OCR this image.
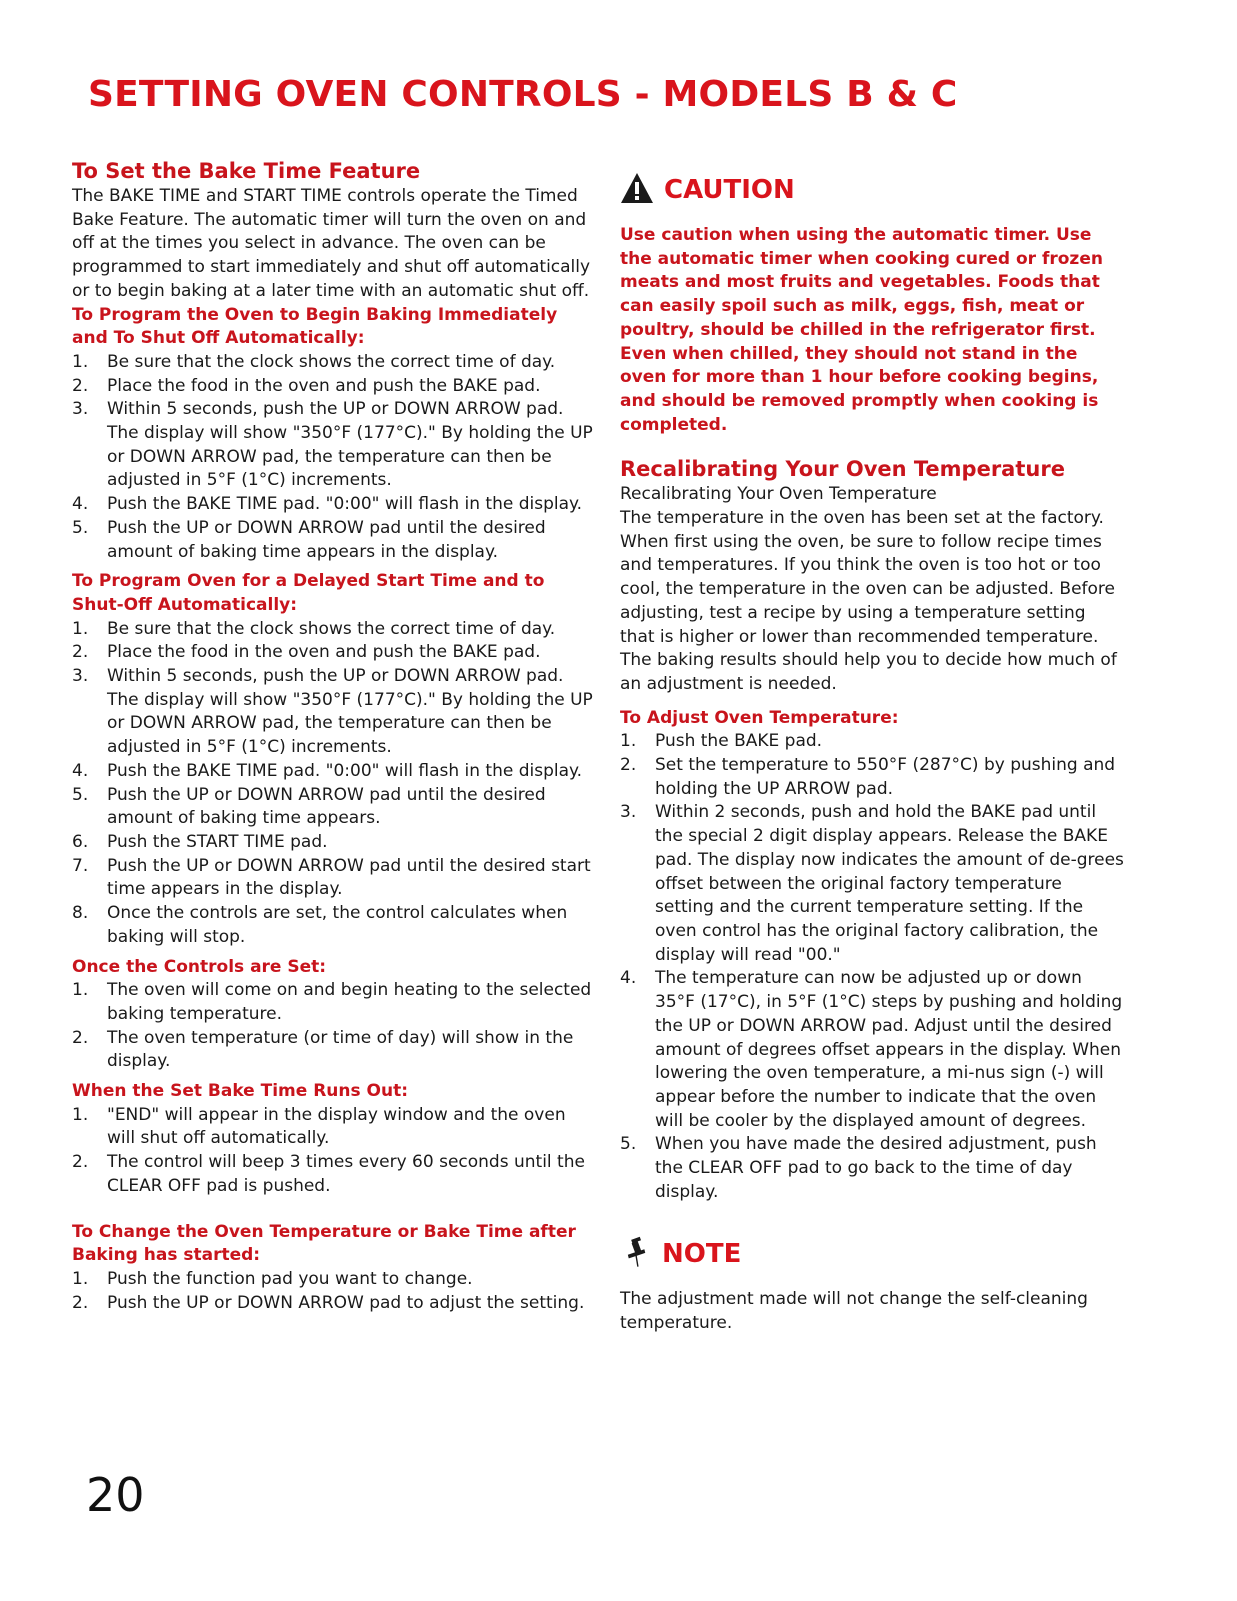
SETTING OVEN CONTROLS - MODELS B & C
To Set the Bake Time Feature

The BAKE TIME and START TIME controls operate the Timed Bake Feature. The automatic timer will turn the oven on and off at the times you select in advance. The oven can be programmed to start immediately and shut off automatically or to begin baking at a later time with an automatic shut off.

To Program the Oven to Begin Baking Immediately and To Shut Off Automatically:

1. Be sure that the clock shows the correct time of day.
2. Place the food in the oven and push the BAKE pad.
3. Within 5 seconds, push the UP or DOWN ARROW pad. The display will show "350°F (177°C)." By holding the UP or DOWN ARROW pad, the temperature can then be adjusted in 5°F (1°C) increments.
4. Push the BAKE TIME pad. "0:00" will flash in the display.
5. Push the UP or DOWN ARROW pad until the desired amount of baking time appears in the display.

To Program Oven for a Delayed Start Time and to Shut-Off Automatically:

1. Be sure that the clock shows the correct time of day.
2. Place the food in the oven and push the BAKE pad.
3. Within 5 seconds, push the UP or DOWN ARROW pad. The display will show "350°F (177°C)." By holding the UP or DOWN ARROW pad, the temperature can then be adjusted in 5°F (1°C) increments.
4. Push the BAKE TIME pad. "0:00" will flash in the display.
5. Push the UP or DOWN ARROW pad until the desired amount of baking time appears.
6. Push the START TIME pad.
7. Push the UP or DOWN ARROW pad until the desired start time appears in the display.
8. Once the controls are set, the control calculates when baking will stop.

Once the Controls are Set:

1. The oven will come on and begin heating to the selected baking temperature.
2. The oven temperature (or time of day) will show in the display.

When the Set Bake Time Runs Out:

1. "END" will appear in the display window and the oven will shut off automatically.
2. The control will beep 3 times every 60 seconds until the CLEAR OFF pad is pushed.

To Change the Oven Temperature or Bake Time after Baking has started:

1. Push the function pad you want to change.
2. Push the UP or DOWN ARROW pad to adjust the setting.
CAUTION

Use caution when using the automatic timer. Use the automatic timer when cooking cured or frozen meats and most fruits and vegetables. Foods that can easily spoil such as milk, eggs, fish, meat or poultry, should be chilled in the refrigerator first. Even when chilled, they should not stand in the oven for more than 1 hour before cooking begins, and should be removed promptly when cooking is completed.

Recalibrating Your Oven Temperature

Recalibrating Your Oven Temperature

The temperature in the oven has been set at the factory. When first using the oven, be sure to follow recipe times and temperatures. If you think the oven is too hot or too cool, the temperature in the oven can be adjusted. Before adjusting, test a recipe by using a temperature setting that is higher or lower than recommended temperature. The baking results should help you to decide how much of an adjustment is needed.

To Adjust Oven Temperature:

1. Push the BAKE pad.
2. Set the temperature to 550°F (287°C) by pushing and holding the UP ARROW pad.
3. Within 2 seconds, push and hold the BAKE pad until the special 2 digit display appears. Release the BAKE pad. The display now indicates the amount of de-grees offset between the original factory temperature setting and the current temperature setting. If the oven control has the original factory calibration, the display will read "00."
4. The temperature can now be adjusted up or down 35°F (17°C), in 5°F (1°C) steps by pushing and holding the UP or DOWN ARROW pad. Adjust until the desired amount of degrees offset appears in the display. When lowering the oven temperature, a mi-nus sign (-) will appear before the number to indicate that the oven will be cooler by the displayed amount of degrees.
5. When you have made the desired adjustment, push the CLEAR OFF pad to go back to the time of day display.
NOTE

The adjustment made will not change the self-cleaning temperature.

20
